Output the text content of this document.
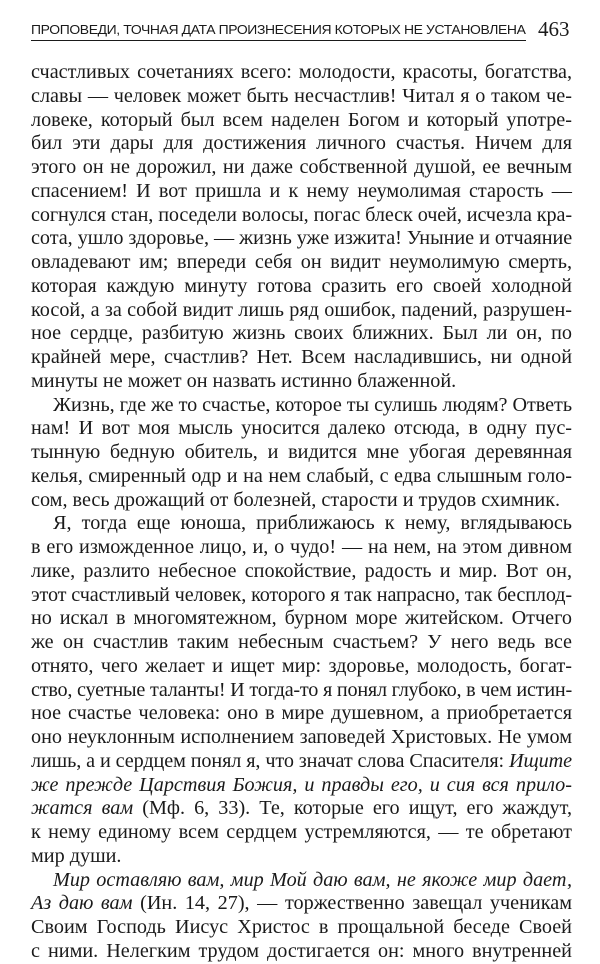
ПРОПОВЕДИ, ТОЧНАЯ ДАТА ПРОИЗНЕСЕНИЯ КОТОРЫХ НЕ УСТАНОВЛЕНА 463
счастливых сочетаниях всего: молодости, красоты, богатства,
славы — человек может быть несчастлив! Читал я о таком че-
ловеке, который был всем наделен Богом и который употре-
бил эти дары для достижения личного счастья. Ничем для
этого он не дорожил, ни даже собственной душой, ее вечным
спасением! И вот пришла и к нему неумолимая старость —
согнулся стан, поседели волосы, погас блеск очей, исчезла кра-
сота, ушло здоровье, — жизнь уже изжита! Уныние и отчаяние
овладевают им; впереди себя он видит неумолимую смерть,
которая каждую минуту готова сразить его своей холодной
косой, а за собой видит лишь ряд ошибок, падений, разрушен-
ное сердце, разбитую жизнь своих ближних. Был ли он, по
крайней мере, счастлив? Нет. Всем насладившись, ни одной
минуты не может он назвать истинно блаженной.
Жизнь, где же то счастье, которое ты сулишь людям? Ответь
нам! И вот моя мысль уносится далеко отсюда, в одну пус-
тынную бедную обитель, и видится мне убогая деревянная
келья, смиренный одр и на нем слабый, с едва слышным голо-
сом, весь дрожащий от болезней, старости и трудов схимник.
Я, тогда еще юноша, приближаюсь к нему, вглядываюсь
в его изможденное лицо, и, о чудо! — на нем, на этом дивном
лике, разлито небесное спокойствие, радость и мир. Вот он,
этот счастливый человек, которого я так напрасно, так бесплод-
но искал в многомятежном, бурном море житейском. Отчего
же он счастлив таким небесным счастьем? У него ведь все
отнято, чего желает и ищет мир: здоровье, молодость, богат-
ство, суетные таланты! И тогда-то я понял глубоко, в чем истин-
ное счастье человека: оно в мире душевном, а приобретается
оно неуклонным исполнением заповедей Христовых. Не умом
лишь, а и сердцем понял я, что значат слова Спасителя: Ищите
же прежде Царствия Божия, и правды его, и сия вся прило-
жатся вам (Мф. 6, 33). Те, которые его ищут, его жаждут,
к нему единому всем сердцем устремляются, — те обретают
мир души.
Мир оставляю вам, мир Мой даю вам, не якоже мир дает,
Аз даю вам (Ин. 14, 27), — торжественно завещал ученикам
Своим Господь Иисус Христос в прощальной беседе Своей
с ними. Нелегким трудом достигается он: много внутренней
